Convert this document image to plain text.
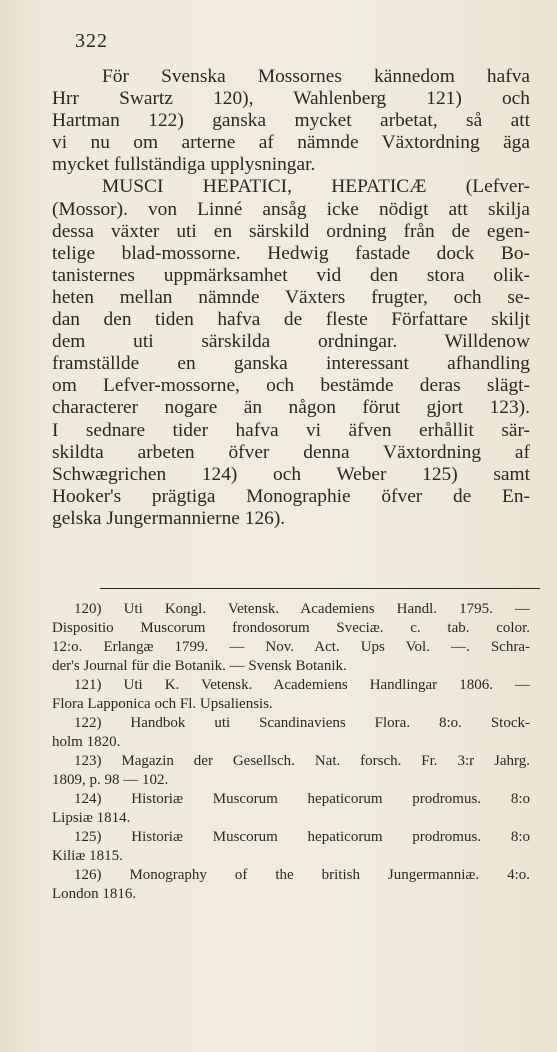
322
För Svenska Mossornes kännedom hafva
Hrr Swartz 120), Wahlenberg 121) och
Hartman 122) ganska mycket arbetat, så att
vi nu om arterne af nämnde Växtordning äga
mycket fullständiga upplysningar.
MUSCI HEPATICI, HEPATICÆ (Lefver-
(Mossor). von Linné ansåg icke nödigt att skilja
dessa växter uti en särskild ordning från de egen-
telige blad-mossorne. Hedwig fastade dock Bo-
tanisternes uppmärksamhet vid den stora olik-
heten mellan nämnde Växters frugter, och se-
dan den tiden hafva de fleste Författare skiljt
dem uti särskilda ordningar. Willdenow
framställde en ganska interessant afhandling
om Lefver-mossorne, och bestämde deras slägt-
characterer nogare än någon förut gjort 123).
I sednare tider hafva vi äfven erhållit sär-
skildta arbeten öfver denna Växtordning af
Schwægrichen 124) och Weber 125) samt
Hooker's prägtiga Monographie öfver de En-
gelska Jungermannierne 126).
120) Uti Kongl. Vetensk. Academiens Handl. 1795. —
Dispositio Muscorum frondosorum Sveciæ. c. tab. color.
12:o. Erlangæ 1799. — Nov. Act. Ups Vol. —. Schra-
der's Journal für die Botanik. — Svensk Botanik.
121) Uti K. Vetensk. Academiens Handlingar 1806. —
Flora Lapponica och Fl. Upsaliensis.
122) Handbok uti Scandinaviens Flora. 8:o. Stock-
holm 1820.
123) Magazin der Gesellsch. Nat. forsch. Fr. 3:r Jahrg.
1809, p. 98 — 102.
124) Historiæ Muscorum hepaticorum prodromus. 8:o
Lipsiæ 1814.
125) Historiæ Muscorum hepaticorum prodromus. 8:o
Kiliæ 1815.
126) Monography of the british Jungermanniæ. 4:o.
London 1816.
